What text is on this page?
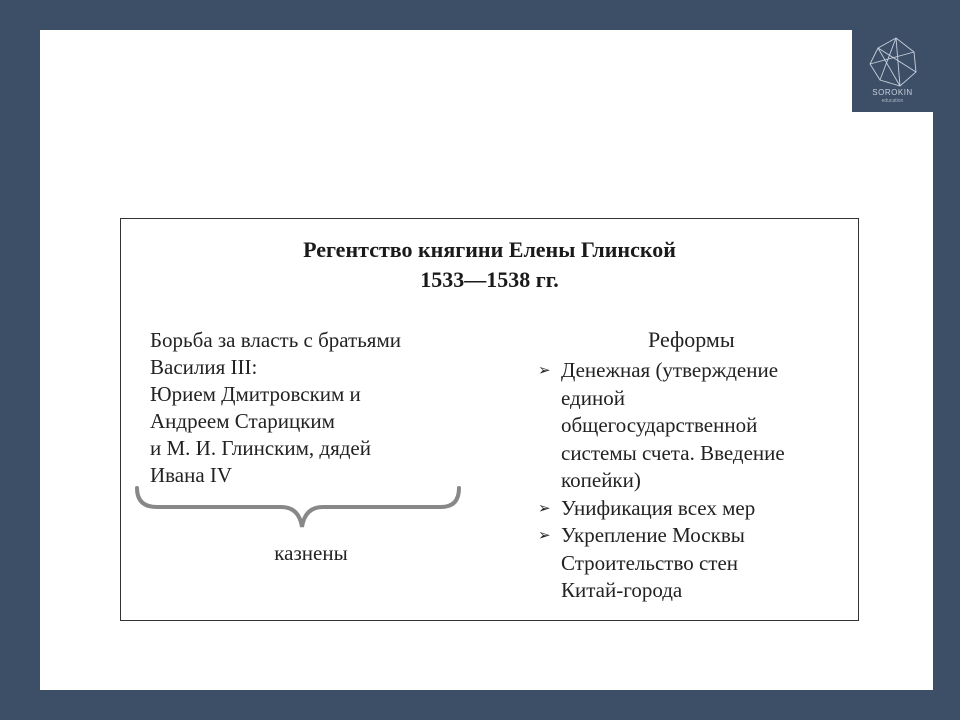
SOROKIN
education
Регентство княгини Елены Глинской
1533—1538 гг.
Борьба за власть с братьями
Василия III:
Юрием Дмитровским и
Андреем Старицким
и М. И. Глинским, дядей
Ивана IV
казнены
Реформы
➢ Денежная (утверждение
единой
общегосударственной
системы счета. Введение
копейки)
➢ Унификация всех мер
➢ Укрепление Москвы
Строительство стен
Китай-города
